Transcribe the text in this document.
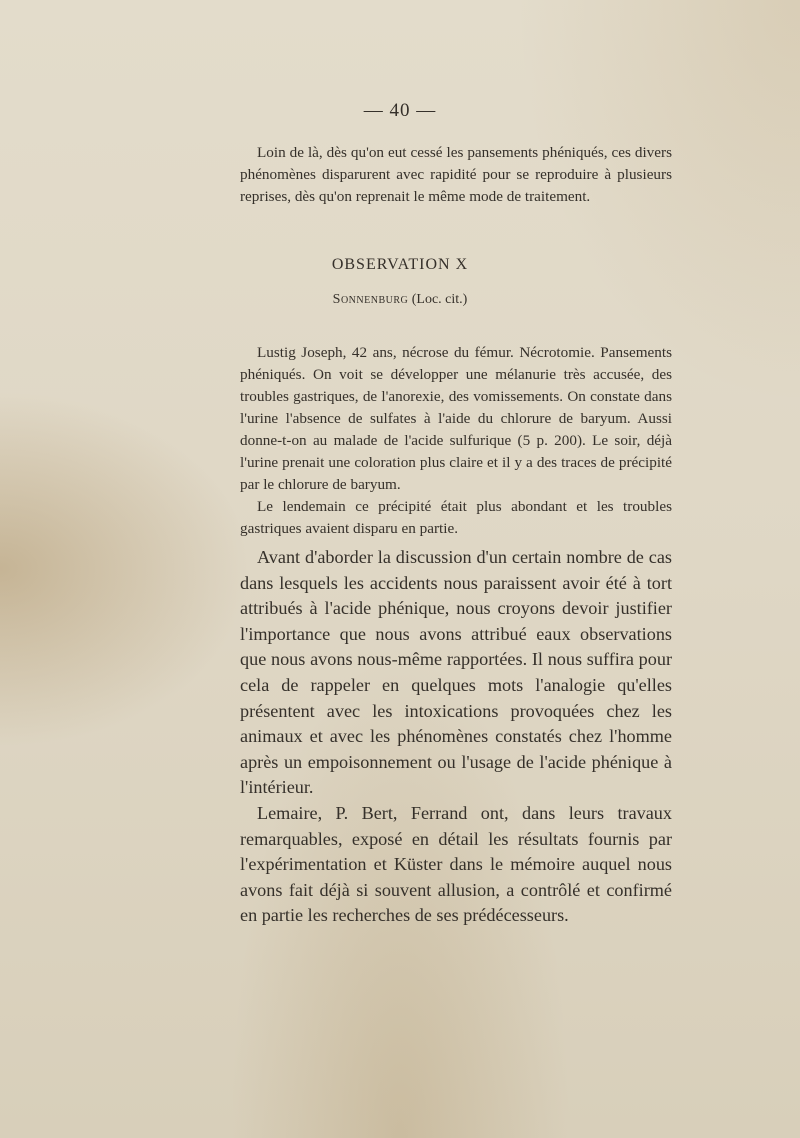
— 40 —

Loin de là, dès qu'on eut cessé les pansements phéniqués, ces divers phénomènes disparurent avec rapidité pour se reproduire à plusieurs reprises, dès qu'on reprenait le même mode de traitement.

OBSERVATION X
Sonnenburg (Loc. cit.)

Lustig Joseph, 42 ans, nécrose du fémur. Nécrotomie. Pansements phéniqués. On voit se développer une mélanurie très accusée, des troubles gastriques, de l'anorexie, des vomissements. On constate dans l'urine l'absence de sulfates à l'aide du chlorure de baryum. Aussi donne-t-on au malade de l'acide sulfurique (5 p. 200). Le soir, déjà l'urine prenait une coloration plus claire et il y a des traces de précipité par le chlorure de baryum.

Le lendemain ce précipité était plus abondant et les troubles gastriques avaient disparu en partie.

Avant d'aborder la discussion d'un certain nombre de cas dans lesquels les accidents nous paraissent avoir été à tort attribués à l'acide phénique, nous croyons devoir justifier l'importance que nous avons attribué eaux observations que nous avons nous-même rapportées. Il nous suffira pour cela de rappeler en quelques mots l'analogie qu'elles présentent avec les intoxications provoquées chez les animaux et avec les phénomènes constatés chez l'homme après un empoisonnement ou l'usage de l'acide phénique à l'intérieur.

Lemaire, P. Bert, Ferrand ont, dans leurs travaux remarquables, exposé en détail les résultats fournis par l'expérimentation et Küster dans le mémoire auquel nous avons fait déjà si souvent allusion, a contrôlé et confirmé en partie les recherches de ses prédécesseurs.
